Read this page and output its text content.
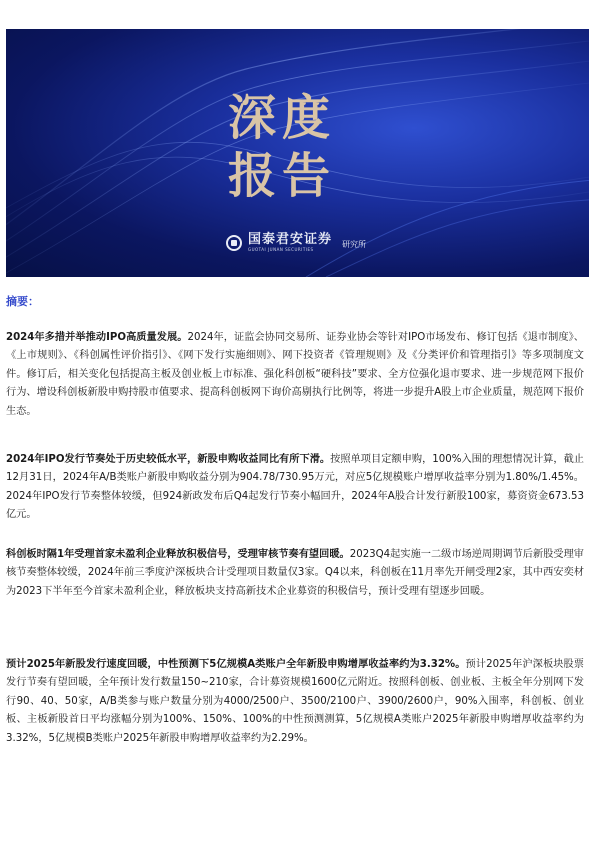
深度
报告
国泰君安证券
GUOTAI JUNAN SECURITIES
研究所
摘要：

2024年多措并举推动IPO高质量发展。2024年，证监会协同交易所、证券业协会等针对IPO市场发布、修订包括《退市制度》、《上市规则》、《科创属性评价指引》、《网下发行实施细则》、网下投资者《管理规则》及《分类评价和管理指引》等多项制度文件。修订后，相关变化包括提高主板及创业板上市标准、强化科创板“硬科技”要求、全方位强化退市要求、进一步规范网下报价行为、增设科创板新股申购持股市值要求、提高科创板网下询价高剔执行比例等，将进一步提升A股上市企业质量，规范网下报价生态。

2024年IPO发行节奏处于历史较低水平，新股申购收益同比有所下滑。按照单项目定额申购，100%入围的理想情况计算，截止12月31日，2024年A/B类账户新股申购收益分别为904.78/730.95万元，对应5亿规模账户增厚收益率分别为1.80%/1.45%。2024年IPO发行节奏整体较缓，但924新政发布后Q4起发行节奏小幅回升，2024年A股合计发行新股100家，募资资金673.53亿元。

科创板时隔1年受理首家未盈利企业释放积极信号，受理审核节奏有望回暖。2023Q4起实施一二级市场逆周期调节后新股受理审核节奏整体较缓，2024年前三季度沪深板块合计受理项目数量仅3家。Q4以来，科创板在11月率先开闸受理2家，其中西安奕材为2023下半年至今首家未盈利企业，释放板块支持高新技术企业募资的积极信号，预计受理有望逐步回暖。

预计2025年新股发行速度回暖，中性预测下5亿规模A类账户全年新股申购增厚收益率约为3.32%。预计2025年沪深板块股票发行节奏有望回暖，全年预计发行数量150~210家，合计募资规模1600亿元附近。按照科创板、创业板、主板全年分别网下发行90、40、50家，A/B类参与账户数量分别为4000/2500户、3500/2100户、3900/2600户，90%入围率，科创板、创业板、主板新股首日平均涨幅分别为100%、150%、100%的中性预测测算，5亿规模A类账户2025年新股申购增厚收益率约为3.32%，5亿规模B类账户2025年新股申购增厚收益率约为2.29%。
